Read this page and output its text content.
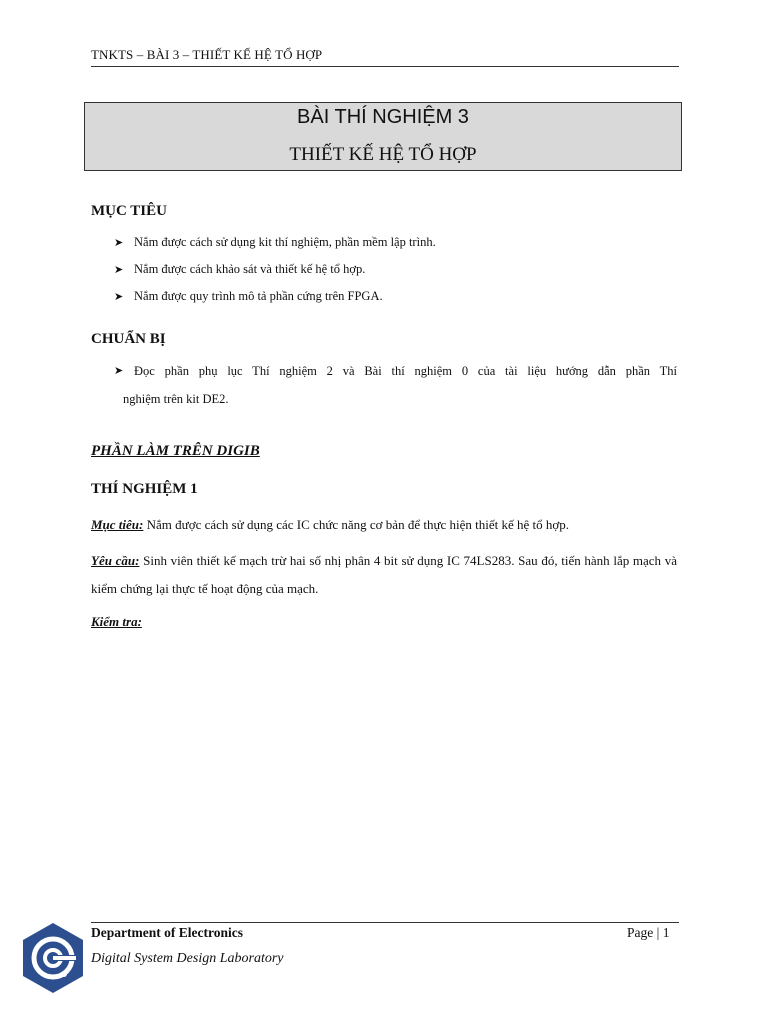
TNKTS – BÀI 3 – THIẾT KẾ HỆ TỔ HỢP
BÀI THÍ NGHIỆM 3
THIẾT KẾ HỆ TỔ HỢP
MỤC TIÊU
➤ Nắm được cách sử dụng kit thí nghiệm, phần mềm lập trình.
➤ Nắm được cách khảo sát và thiết kế hệ tổ hợp.
➤ Nắm được quy trình mô tả phần cứng trên FPGA.
CHUẨN BỊ
➤ Đọc phần phụ lục Thí nghiệm 2 và Bài thí nghiệm 0 của tài liệu hướng dẫn phần Thí
nghiệm trên kit DE2.
PHẦN LÀM TRÊN DIGIB
THÍ NGHIỆM 1
Mục tiêu: Nắm được cách sử dụng các IC chức năng cơ bản để thực hiện thiết kế hệ tổ hợp.
Yêu cầu: Sinh viên thiết kế mạch trừ hai số nhị phân 4 bit sử dụng IC 74LS283. Sau đó, tiến hành lắp mạch và kiểm chứng lại thực tế hoạt động của mạch.
Kiểm tra:
Department of Electronics	Page | 1
Digital System Design Laboratory
